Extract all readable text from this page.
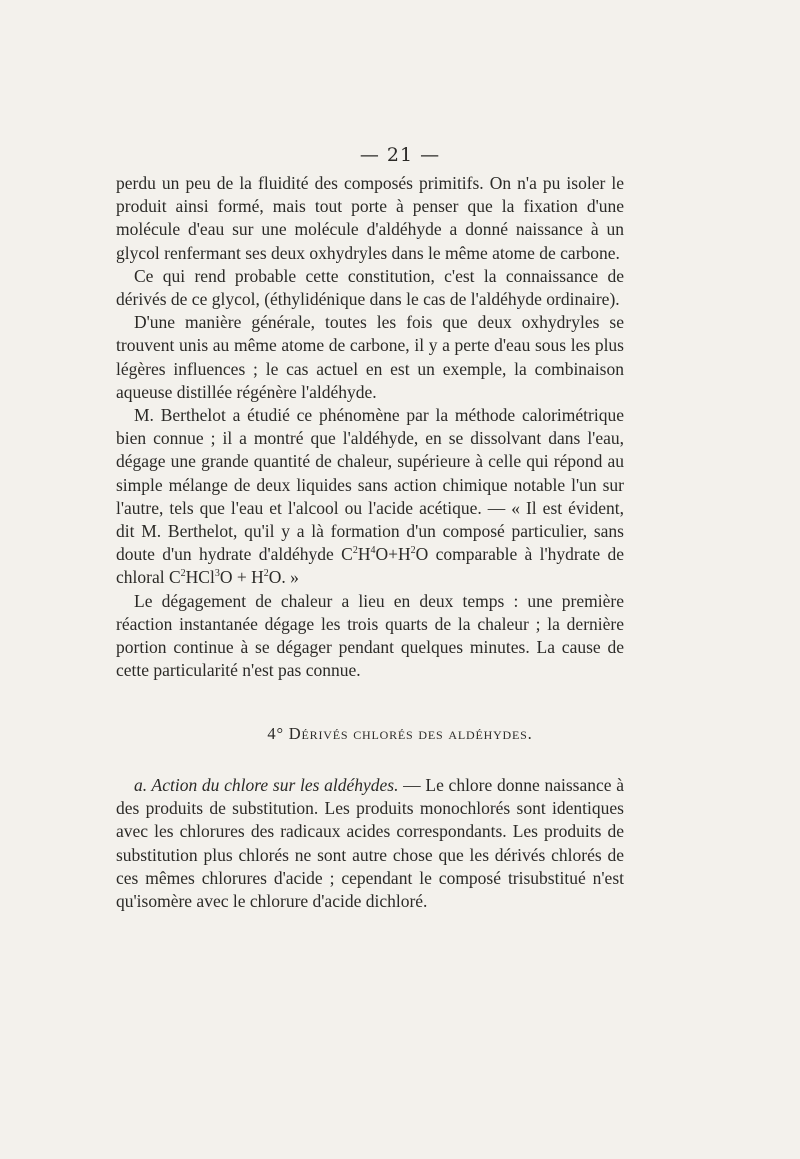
— 21 —

perdu un peu de la fluidité des composés primitifs. On n'a pu isoler le produit ainsi formé, mais tout porte à penser que la fixation d'une molécule d'eau sur une molécule d'aldéhyde a donné naissance à un glycol renfermant ses deux oxhydryles dans le même atome de carbone.

Ce qui rend probable cette constitution, c'est la connaissance de dérivés de ce glycol, (éthylidénique dans le cas de l'aldéhyde ordinaire).

D'une manière générale, toutes les fois que deux oxhydryles se trouvent unis au même atome de carbone, il y a perte d'eau sous les plus légères influences ; le cas actuel en est un exemple, la combinaison aqueuse distillée régénère l'aldéhyde.

M. Berthelot a étudié ce phénomène par la méthode calorimétrique bien connue ; il a montré que l'aldéhyde, en se dissolvant dans l'eau, dégage une grande quantité de chaleur, supérieure à celle qui répond au simple mélange de deux liquides sans action chimique notable l'un sur l'autre, tels que l'eau et l'alcool ou l'acide acétique. — « Il est évident, dit M. Berthelot, qu'il y a là formation d'un composé particulier, sans doute d'un hydrate d'aldéhyde $C^2H^4O+H^2O$ comparable à l'hydrate de chloral $C^2HCl^3O + H^2O$. »

Le dégagement de chaleur a lieu en deux temps : une première réaction instantanée dégage les trois quarts de la chaleur ; la dernière portion continue à se dégager pendant quelques minutes. La cause de cette particularité n'est pas connue.

4° Dérivés chlorés des aldéhydes.

a. Action du chlore sur les aldéhydes. — Le chlore donne naissance à des produits de substitution. Les produits monochlorés sont identiques avec les chlorures des radicaux acides correspondants. Les produits de substitution plus chlorés ne sont autre chose que les dérivés chlorés de ces mêmes chlorures d'acide ; cependant le composé trisubstitué n'est qu'isomère avec le chlorure d'acide dichloré.
